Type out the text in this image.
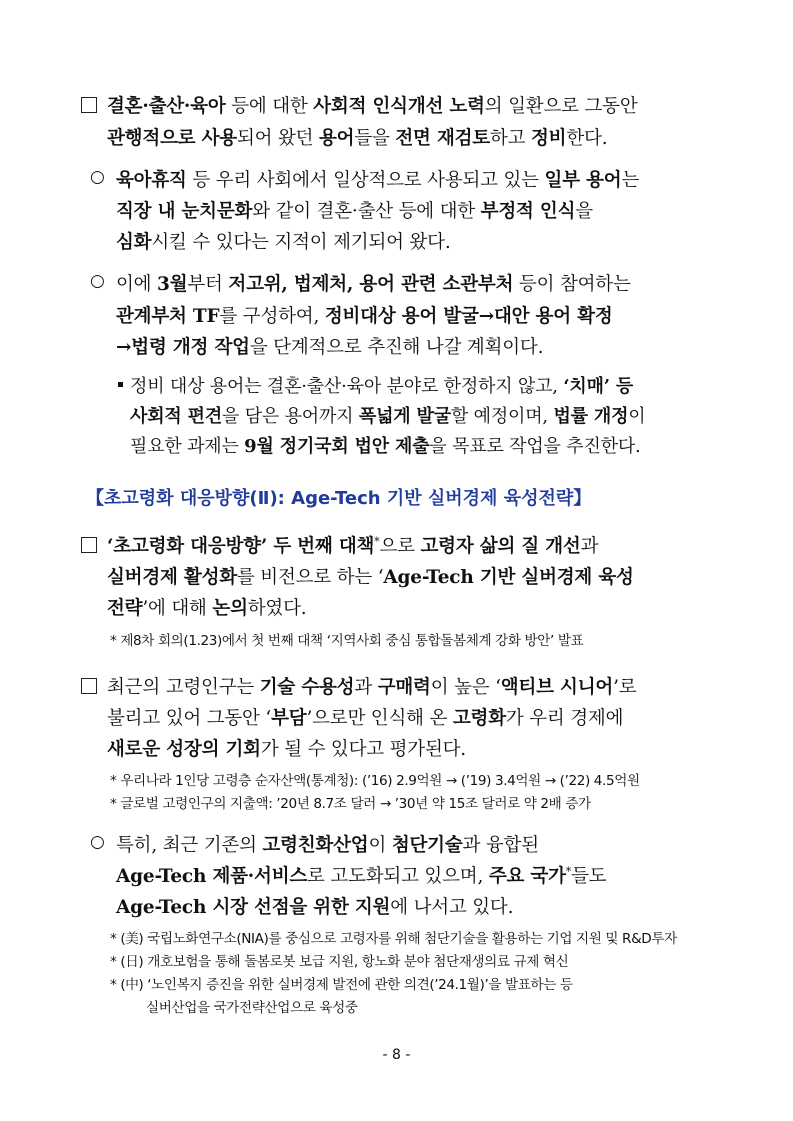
결혼·출산·육아 등에 대한 사회적 인식개선 노력의 일환으로 그동안
관행적으로 사용되어 왔던 용어들을 전면 재검토하고 정비한다.
○ 육아휴직 등 우리 사회에서 일상적으로 사용되고 있는 일부 용어는
직장 내 눈치문화와 같이 결혼·출산 등에 대한 부정적 인식을
심화시킬 수 있다는 지적이 제기되어 왔다.
○ 이에 3월부터 저고위, 법제처, 용어 관련 소관부처 등이 참여하는
관계부처 TF를 구성하여, 정비대상 용어 발굴→대안 용어 확정
→법령 개정 작업을 단계적으로 추진해 나갈 계획이다.
정비 대상 용어는 결혼·출산·육아 분야로 한정하지 않고, ‘치매’ 등
사회적 편견을 담은 용어까지 폭넓게 발굴할 예정이며, 법률 개정이
필요한 과제는 9월 정기국회 법안 제출을 목표로 작업을 추진한다.
【초고령화 대응방향(Ⅱ): Age-Tech 기반 실버경제 육성전략】
‘초고령화 대응방향’ 두 번째 대책*으로 고령자 삶의 질 개선과
실버경제 활성화를 비전으로 하는 ‘Age-Tech 기반 실버경제 육성
전략’에 대해 논의하였다.
* 제8차 회의(1.23)에서 첫 번째 대책 ‘지역사회 중심 통합돌봄체계 강화 방안’ 발표
최근의 고령인구는 기술 수용성과 구매력이 높은 ‘액티브 시니어’로
불리고 있어 그동안 ‘부담’으로만 인식해 온 고령화가 우리 경제에
새로운 성장의 기회가 될 수 있다고 평가된다.
* 우리나라 1인당 고령층 순자산액(통계청): (’16) 2.9억원 → (’19) 3.4억원 → (’22) 4.5억원
* 글로벌 고령인구의 지출액: ’20년 8.7조 달러 → ’30년 약 15조 달러로 약 2배 증가
○ 특히, 최근 기존의 고령친화산업이 첨단기술과 융합된
Age-Tech 제품·서비스로 고도화되고 있으며, 주요 국가*들도
Age-Tech 시장 선점을 위한 지원에 나서고 있다.
* (美) 국립노화연구소(NIA)를 중심으로 고령자를 위해 첨단기술을 활용하는 기업 지원 및 R&D투자
* (日) 개호보험을 통해 돌봄로봇 보급 지원, 항노화 분야 첨단재생의료 규제 혁신
* (中) ‘노인복지 증진을 위한 실버경제 발전에 관한 의견(’24.1월)’을 발표하는 등
실버산업을 국가전략산업으로 육성중
- 8 -
